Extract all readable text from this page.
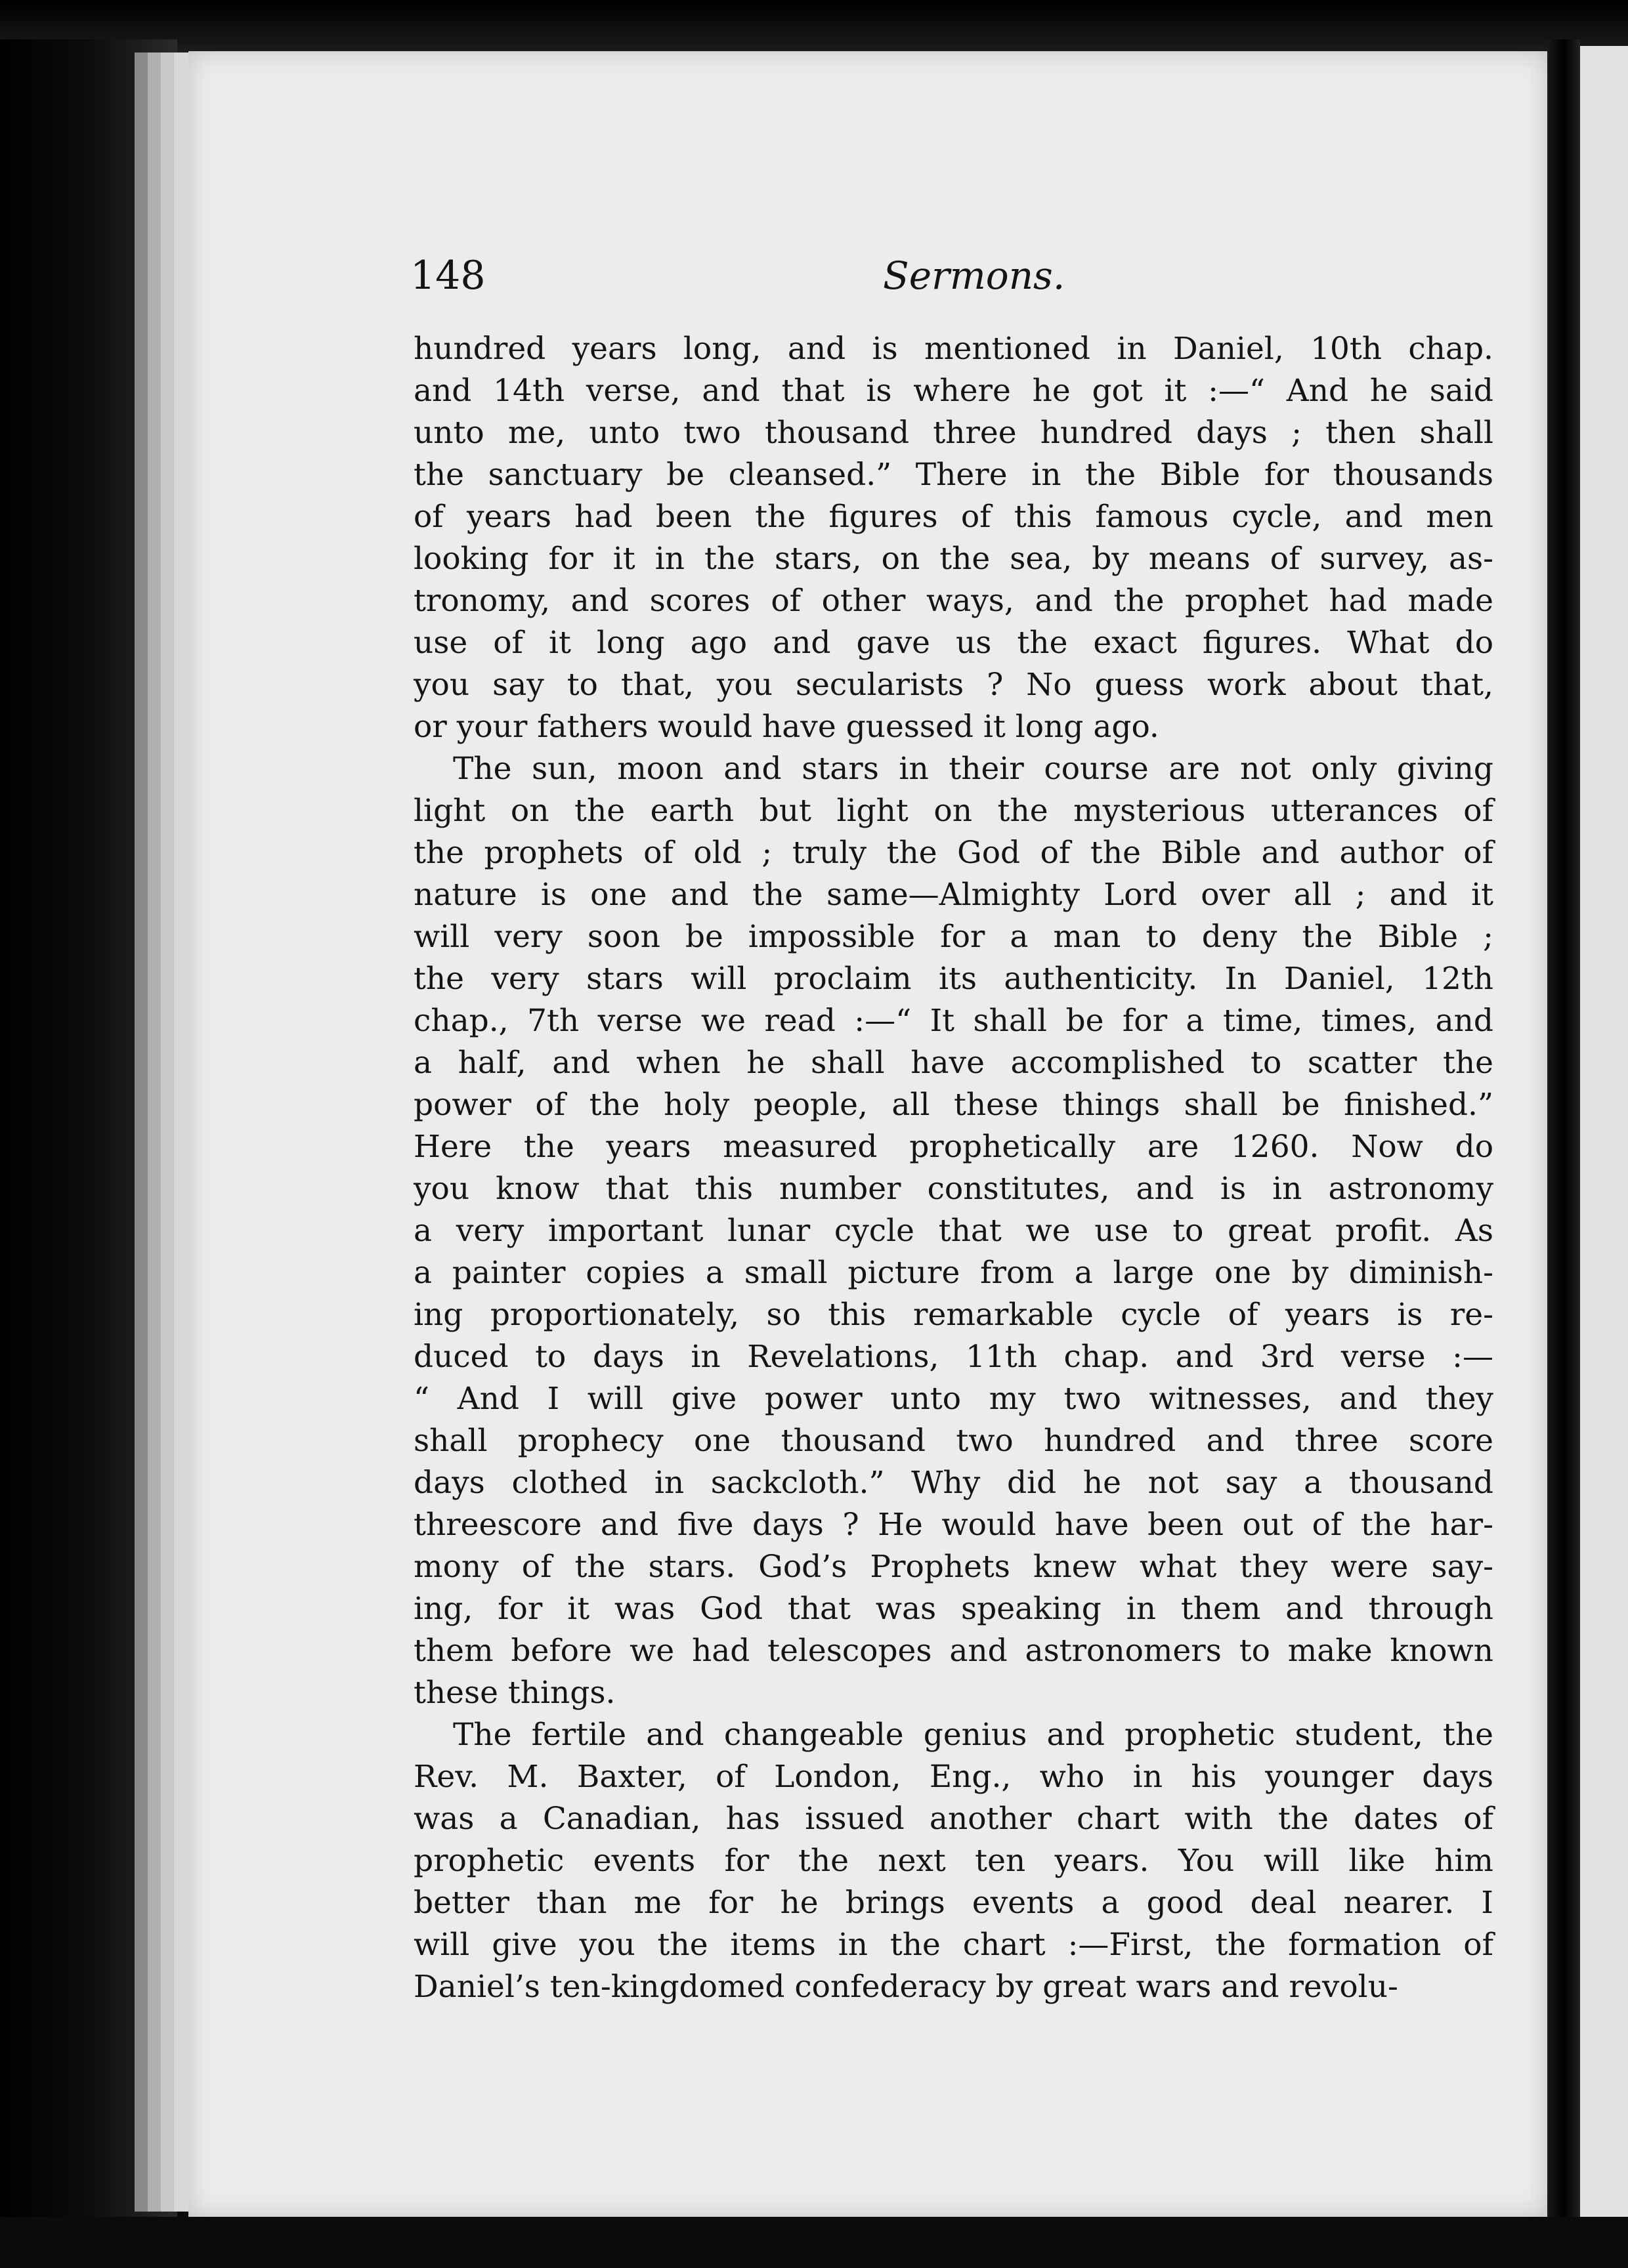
148	Sermons.

hundred years long, and is mentioned in Daniel, 10th chap.
and 14th verse, and that is where he got it :—“ And he said
unto me, unto two thousand three hundred days ; then shall
the sanctuary be cleansed.” There in the Bible for thousands
of years had been the figures of this famous cycle, and men
looking for it in the stars, on the sea, by means of survey, as-
tronomy, and scores of other ways, and the prophet had made
use of it long ago and gave us the exact figures. What do
you say to that, you secularists ? No guess work about that,
or your fathers would have guessed it long ago.

The sun, moon and stars in their course are not only giving
light on the earth but light on the mysterious utterances of
the prophets of old ; truly the God of the Bible and author of
nature is one and the same—Almighty Lord over all ; and it
will very soon be impossible for a man to deny the Bible ;
the very stars will proclaim its authenticity. In Daniel, 12th
chap., 7th verse we read :—“ It shall be for a time, times, and
a half, and when he shall have accomplished to scatter the
power of the holy people, all these things shall be finished.”
Here the years measured prophetically are 1260. Now do
you know that this number constitutes, and is in astronomy
a very important lunar cycle that we use to great profit. As
a painter copies a small picture from a large one by diminish-
ing proportionately, so this remarkable cycle of years is re-
duced to days in Revelations, 11th chap. and 3rd verse :—
“ And I will give power unto my two witnesses, and they
shall prophecy one thousand two hundred and three score
days clothed in sackcloth.” Why did he not say a thousand
threescore and five days ? He would have been out of the har-
mony of the stars. God’s Prophets knew what they were say-
ing, for it was God that was speaking in them and through
them before we had telescopes and astronomers to make known
these things.

The fertile and changeable genius and prophetic student, the
Rev. M. Baxter, of London, Eng., who in his younger days
was a Canadian, has issued another chart with the dates of
prophetic events for the next ten years. You will like him
better than me for he brings events a good deal nearer. I
will give you the items in the chart :—First, the formation of
Daniel’s ten-kingdomed confederacy by great wars and revolu-
